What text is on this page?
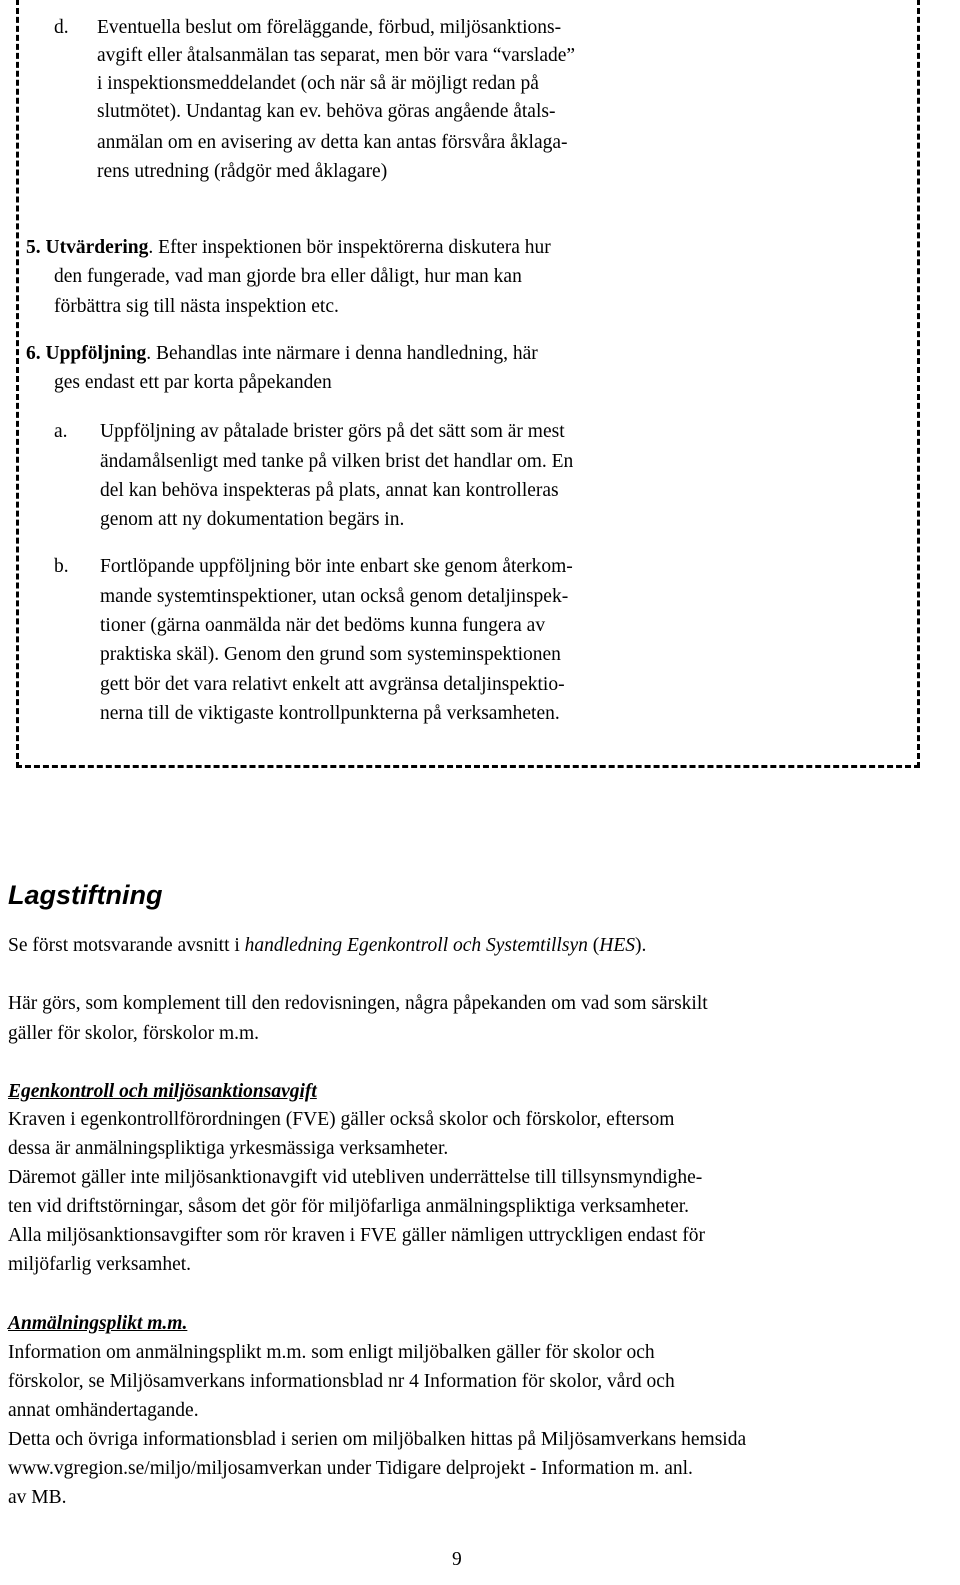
d. Eventuella beslut om föreläggande, förbud, miljösanktions-
avgift eller åtalsanmälan tas separat, men bör vara “varslade”
i inspektionsmeddelandet (och när så är möjligt redan på
slutmötet). Undantag kan ev. behöva göras angående åtals-
anmälan om en avisering av detta kan antas försvåra åklaga-
rens utredning (rådgör med åklagare)
5. Utvärdering. Efter inspektionen bör inspektörerna diskutera hur
den fungerade, vad man gjorde bra eller dåligt, hur man kan
förbättra sig till nästa inspektion etc.
6. Uppföljning. Behandlas inte närmare i denna handledning, här
ges endast ett par korta påpekanden
a. Uppföljning av påtalade brister görs på det sätt som är mest
ändamålsenligt med tanke på vilken brist det handlar om. En
del kan behöva inspekteras på plats, annat kan kontrolleras
genom att ny dokumentation begärs in.
b. Fortlöpande uppföljning bör inte enbart ske genom återkom-
mande systemtinspektioner, utan också genom detaljinspek-
tioner (gärna oanmälda när det bedöms kunna fungera av
praktiska skäl). Genom den grund som systeminspektionen
gett bör det vara relativt enkelt att avgränsa detaljinspektio-
nerna till de viktigaste kontrollpunkterna på verksamheten.
Lagstiftning
Se först motsvarande avsnitt i handledning Egenkontroll och Systemtillsyn (HES).
Här görs, som komplement till den redovisningen, några påpekanden om vad som särskilt
gäller för skolor, förskolor m.m.
Egenkontroll och miljösanktionsavgift
Kraven i egenkontrollförordningen (FVE) gäller också skolor och förskolor, eftersom
dessa är anmälningspliktiga yrkesmässiga verksamheter.
Däremot gäller inte miljösanktionavgift vid utebliven underrättelse till tillsynsmyndighe-
ten vid driftstörningar, såsom det gör för miljöfarliga anmälningspliktiga verksamheter.
Alla miljösanktionsavgifter som rör kraven i FVE gäller nämligen uttryckligen endast för
miljöfarlig verksamhet.
Anmälningsplikt m.m.
Information om anmälningsplikt m.m. som enligt miljöbalken gäller för skolor och
förskolor, se Miljösamverkans informationsblad nr 4 Information för skolor, vård och
annat omhändertagande.
Detta och övriga informationsblad i serien om miljöbalken hittas på Miljösamverkans hemsida
www.vgregion.se/miljo/miljosamverkan under Tidigare delprojekt - Information m. anl.
av MB.
9
